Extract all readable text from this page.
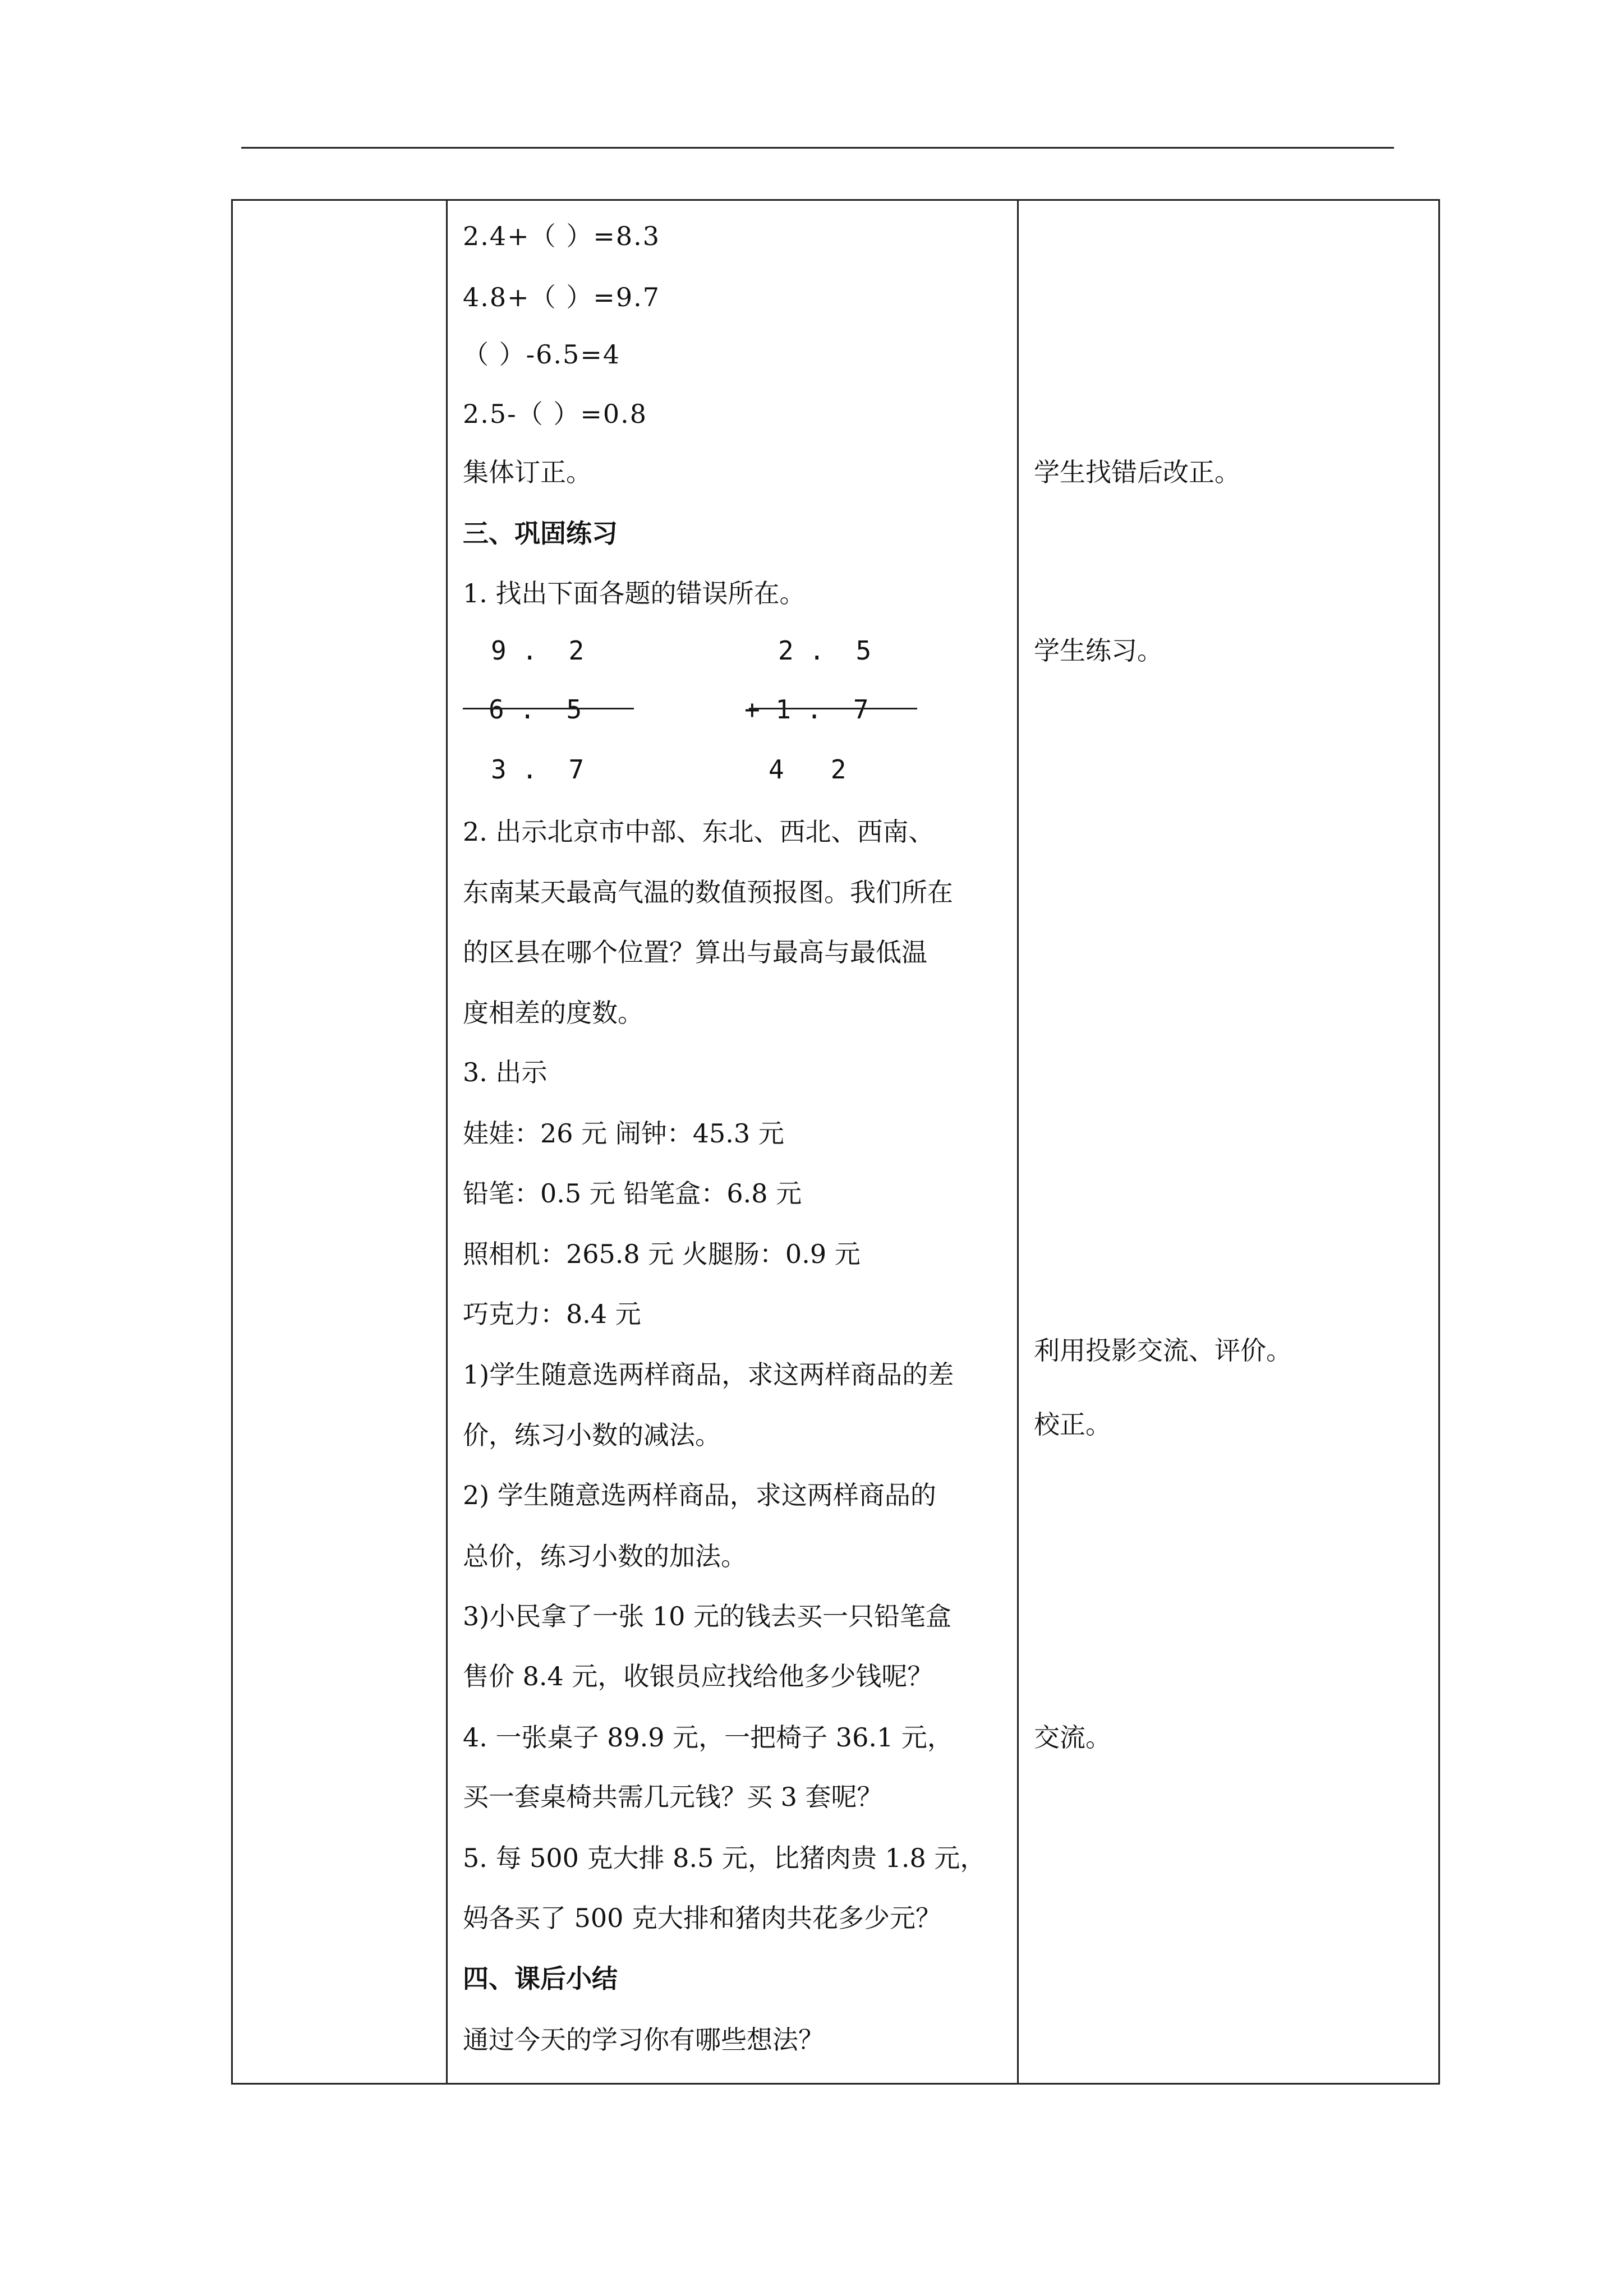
2.4+（ ）=8.3
4.8+（ ）=9.7
（ ）-6.5=4
2.5-（ ）=0.8
集体订正。
三、巩固练习
1. 找出下面各题的错误所在。
9 .  2
－6 .  5
3 .  7
2 .  5
+ 1 .  7
4   2
2. 出示北京市中部、东北、西北、西南、
东南某天最高气温的数值预报图。我们所在
的区县在哪个位置？算出与最高与最低温
度相差的度数。
3. 出示
娃娃：26 元 闹钟：45.3 元
铅笔：0.5 元 铅笔盒：6.8 元
照相机：265.8 元 火腿肠：0.9 元
巧克力：8.4 元
1)学生随意选两样商品，求这两样商品的差
价，练习小数的减法。
2) 学生随意选两样商品，求这两样商品的
总价，练习小数的加法。
3)小民拿了一张 10 元的钱去买一只铅笔盒
售价 8.4 元，收银员应找给他多少钱呢？
4. 一张桌子 89.9 元，一把椅子 36.1 元，
买一套桌椅共需几元钱？买 3 套呢？
5. 每 500 克大排 8.5 元，比猪肉贵 1.8 元，
妈各买了 500 克大排和猪肉共花多少元？
四、课后小结
通过今天的学习你有哪些想法？
学生找错后改正。
学生练习。
利用投影交流、评价。
校正。
交流。
